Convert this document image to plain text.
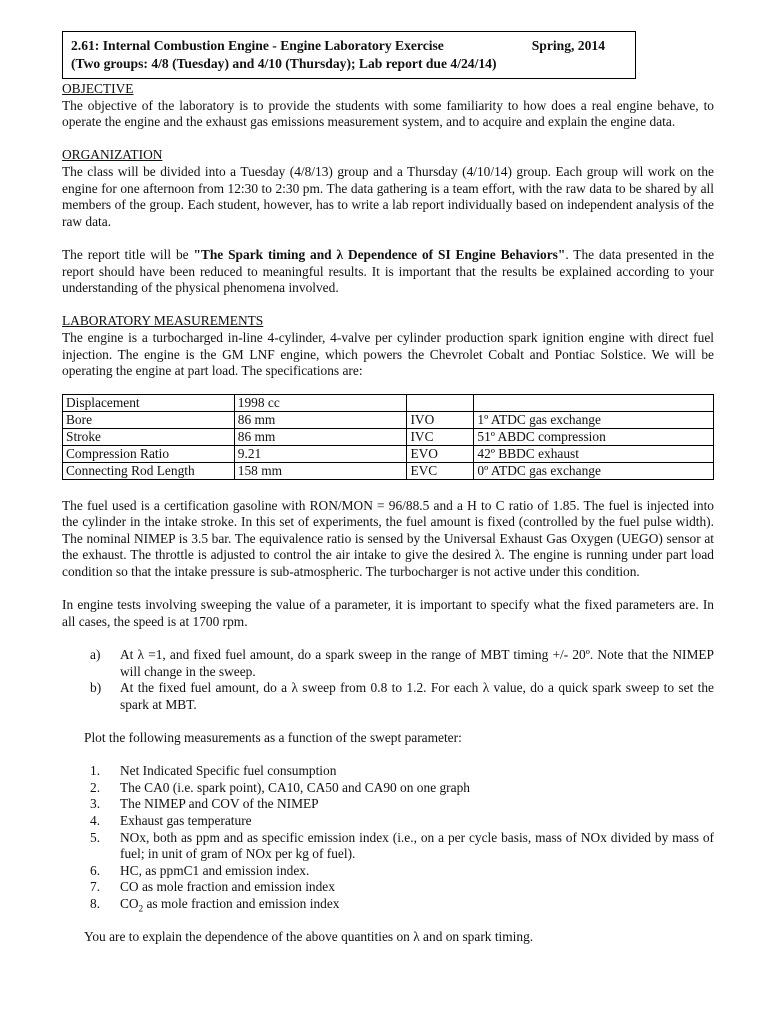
2.61: Internal Combustion Engine - Engine Laboratory Exercise	Spring, 2014
(Two groups: 4/8 (Tuesday) and 4/10 (Thursday); Lab report due 4/24/14)
OBJECTIVE

The objective of the laboratory is to provide the students with some familiarity to how does a real engine behave, to operate the engine and the exhaust gas emissions measurement system, and to acquire and explain the engine data.

ORGANIZATION

The class will be divided into a Tuesday (4/8/13) group and a Thursday (4/10/14) group. Each group will work on the engine for one afternoon from 12:30 to 2:30 pm. The data gathering is a team effort, with the raw data to be shared by all members of the group. Each student, however, has to write a lab report individually based on independent analysis of the raw data.

The report title will be "The Spark timing and λ Dependence of SI Engine Behaviors". The data presented in the report should have been reduced to meaningful results. It is important that the results be explained according to your understanding of the physical phenomena involved.

LABORATORY MEASUREMENTS

The engine is a turbocharged in-line 4-cylinder, 4-valve per cylinder production spark ignition engine with direct fuel injection. The engine is the GM LNF engine, which powers the Chevrolet Cobalt and Pontiac Solstice. We will be operating the engine at part load. The specifications are:

Displacement	1998 cc		
Bore	86 mm	IVO	1º ATDC gas exchange
Stroke	86 mm	IVC	51º ABDC compression
Compression Ratio	9.21	EVO	42º BBDC exhaust
Connecting Rod Length	158 mm	EVC	0º ATDC gas exchange

The fuel used is a certification gasoline with RON/MON = 96/88.5 and a H to C ratio of 1.85. The fuel is injected into the cylinder in the intake stroke. In this set of experiments, the fuel amount is fixed (controlled by the fuel pulse width). The nominal NIMEP is 3.5 bar. The equivalence ratio is sensed by the Universal Exhaust Gas Oxygen (UEGO) sensor at the exhaust. The throttle is adjusted to control the air intake to give the desired λ. The engine is running under part load condition so that the intake pressure is sub-atmospheric. The turbocharger is not active under this condition.

In engine tests involving sweeping the value of a parameter, it is important to specify what the fixed parameters are. In all cases, the speed is at 1700 rpm.

a) At λ =1, and fixed fuel amount, do a spark sweep in the range of MBT timing +/- 20º. Note that the NIMEP will change in the sweep.
b) At the fixed fuel amount, do a λ sweep from 0.8 to 1.2. For each λ value, do a quick spark sweep to set the spark at MBT.

Plot the following measurements as a function of the swept parameter:

1. Net Indicated Specific fuel consumption
2. The CA0 (i.e. spark point), CA10, CA50 and CA90 on one graph
3. The NIMEP and COV of the NIMEP
4. Exhaust gas temperature
5. NOx, both as ppm and as specific emission index (i.e., on a per cycle basis, mass of NOx divided by mass of fuel; in unit of gram of NOx per kg of fuel).
6. HC, as ppmC1 and emission index.
7. CO as mole fraction and emission index
8. $CO_2$ as mole fraction and emission index

You are to explain the dependence of the above quantities on λ and on spark timing.
